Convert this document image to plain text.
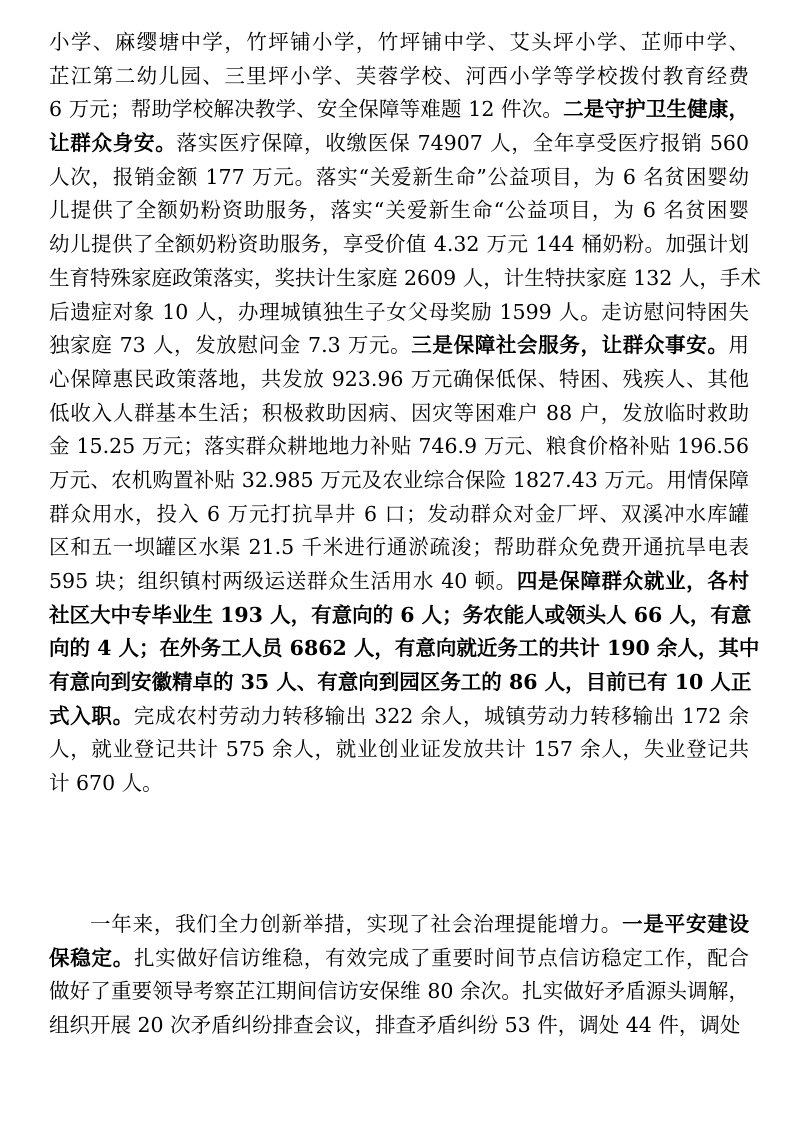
小学、麻缨塘中学，竹坪铺小学，竹坪铺中学、艾头坪小学、芷师中学、
芷江第二幼儿园、三里坪小学、芙蓉学校、河西小学等学校拨付教育经费
6 万元；帮助学校解决教学、安全保障等难题 12 件次。二是守护卫生健康，
让群众身安。落实医疗保障，收缴医保 74907 人，全年享受医疗报销 560
人次，报销金额 177 万元。落实“关爱新生命”公益项目，为 6 名贫困婴幼
儿提供了全额奶粉资助服务，落实“关爱新生命“公益项目，为 6 名贫困婴
幼儿提供了全额奶粉资助服务，享受价值 4.32 万元 144 桶奶粉。加强计划
生育特殊家庭政策落实，奖扶计生家庭 2609 人，计生特扶家庭 132 人，手术
后遗症对象 10 人，办理城镇独生子女父母奖励 1599 人。走访慰问特困失
独家庭 73 人，发放慰问金 7.3 万元。三是保障社会服务，让群众事安。用
心保障惠民政策落地，共发放 923.96 万元确保低保、特困、残疾人、其他
低收入人群基本生活；积极救助因病、因灾等困难户 88 户，发放临时救助
金 15.25 万元；落实群众耕地地力补贴 746.9 万元、粮食价格补贴 196.56
万元、农机购置补贴 32.985 万元及农业综合保险 1827.43 万元。用情保障
群众用水，投入 6 万元打抗旱井 6 口；发动群众对金厂坪、双溪冲水库罐
区和五一坝罐区水渠 21.5 千米进行通淤疏浚；帮助群众免费开通抗旱电表
595 块；组织镇村两级运送群众生活用水 40 顿。四是保障群众就业，各村
社区大中专毕业生 193 人，有意向的 6 人；务农能人或领头人 66 人，有意
向的 4 人；在外务工人员 6862 人，有意向就近务工的共计 190 余人，其中
有意向到安徽精卓的 35 人、有意向到园区务工的 86 人，目前已有 10 人正
式入职。完成农村劳动力转移输出 322 余人，城镇劳动力转移输出 172 余
人，就业登记共计 575 余人，就业创业证发放共计 157 余人，失业登记共
计 670 人。
一年来，我们全力创新举措，实现了社会治理提能增力。一是平安建设
保稳定。扎实做好信访维稳，有效完成了重要时间节点信访稳定工作，配合
做好了重要领导考察芷江期间信访安保维 80 余次。扎实做好矛盾源头调解，
组织开展 20 次矛盾纠纷排查会议，排查矛盾纠纷 53 件，调处 44 件，调处
